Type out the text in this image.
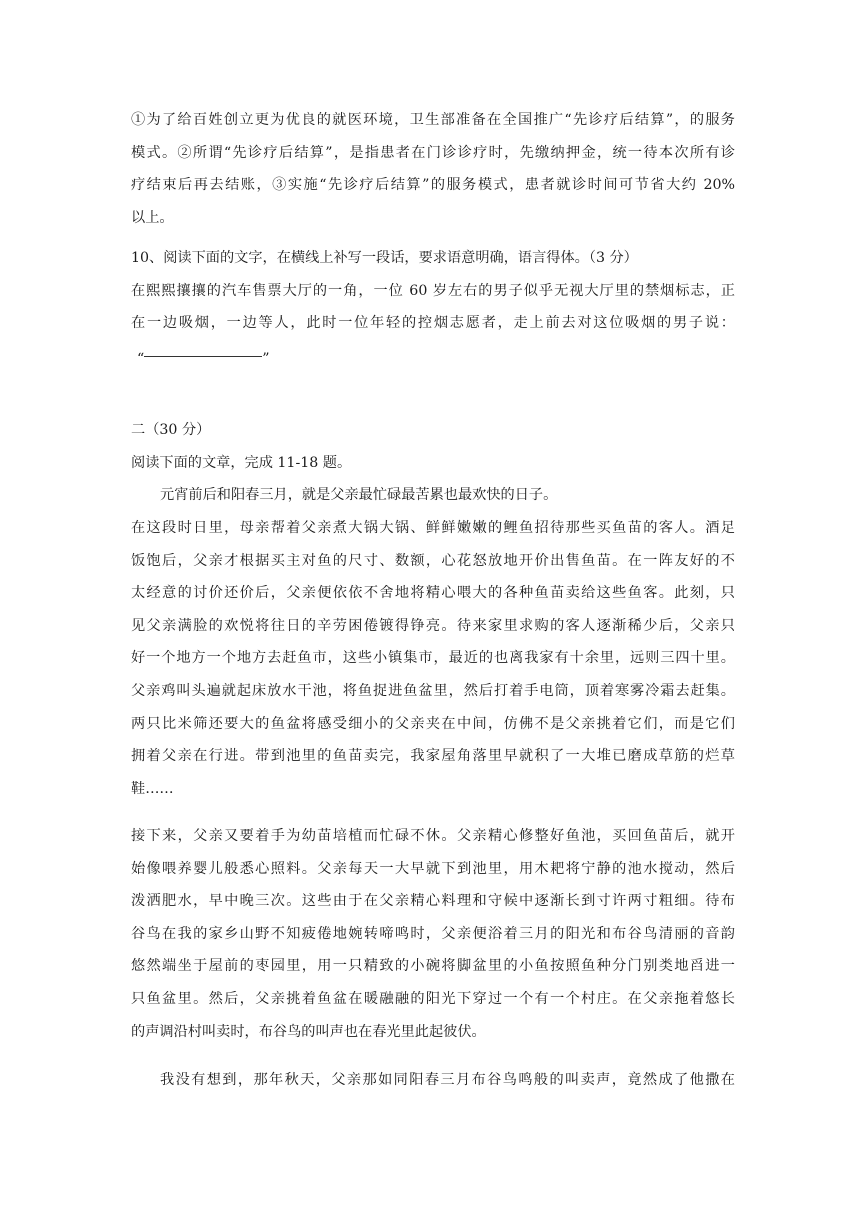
①为了给百姓创立更为优良的就医环境，卫生部准备在全国推广“先诊疗后结算”，的服务
模式。②所谓“先诊疗后结算”，是指患者在门诊诊疗时，先缴纳押金，统一待本次所有诊
疗结束后再去结账，③实施“先诊疗后结算”的服务模式，患者就诊时间可节省大约 20%
以上。
10、阅读下面的文字，在横线上补写一段话，要求语意明确，语言得体。（3 分）
在熙熙攘攘的汽车售票大厅的一角，一位 60 岁左右的男子似乎无视大厅里的禁烟标志，正
在一边吸烟，一边等人，此时一位年轻的控烟志愿者，走上前去对这位吸烟的男子说：
“	”
二（30 分）
阅读下面的文章，完成 11-18 题。
元宵前后和阳春三月，就是父亲最忙碌最苦累也最欢快的日子。
在这段时日里，母亲帮着父亲煮大锅大锅、鲜鲜嫩嫩的鲤鱼招待那些买鱼苗的客人。酒足
饭饱后，父亲才根据买主对鱼的尺寸、数额，心花怒放地开价出售鱼苗。在一阵友好的不
太经意的讨价还价后，父亲便依依不舍地将精心喂大的各种鱼苗卖给这些鱼客。此刻，只
见父亲满脸的欢悦将往日的辛劳困倦镀得铮亮。待来家里求购的客人逐渐稀少后，父亲只
好一个地方一个地方去赶鱼市，这些小镇集市，最近的也离我家有十余里，远则三四十里。
父亲鸡叫头遍就起床放水干池，将鱼捉进鱼盆里，然后打着手电筒，顶着寒雾冷霜去赶集。
两只比米筛还要大的鱼盆将感受细小的父亲夹在中间，仿佛不是父亲挑着它们，而是它们
拥着父亲在行进。带到池里的鱼苗卖完，我家屋角落里早就积了一大堆已磨成草筋的烂草
鞋……
接下来，父亲又要着手为幼苗培植而忙碌不休。父亲精心修整好鱼池，买回鱼苗后，就开
始像喂养婴儿般悉心照料。父亲每天一大早就下到池里，用木耙将宁静的池水搅动，然后
泼洒肥水，早中晚三次。这些由于在父亲精心料理和守候中逐渐长到寸许两寸粗细。待布
谷鸟在我的家乡山野不知疲倦地婉转啼鸣时，父亲便浴着三月的阳光和布谷鸟清丽的音韵
悠然端坐于屋前的枣园里，用一只精致的小碗将脚盆里的小鱼按照鱼种分门别类地舀进一
只鱼盆里。然后，父亲挑着鱼盆在暖融融的阳光下穿过一个有一个村庄。在父亲拖着悠长
的声调沿村叫卖时，布谷鸟的叫声也在春光里此起彼伏。
我没有想到，那年秋天，父亲那如同阳春三月布谷鸟鸣般的叫卖声，竟然成了他撒在
